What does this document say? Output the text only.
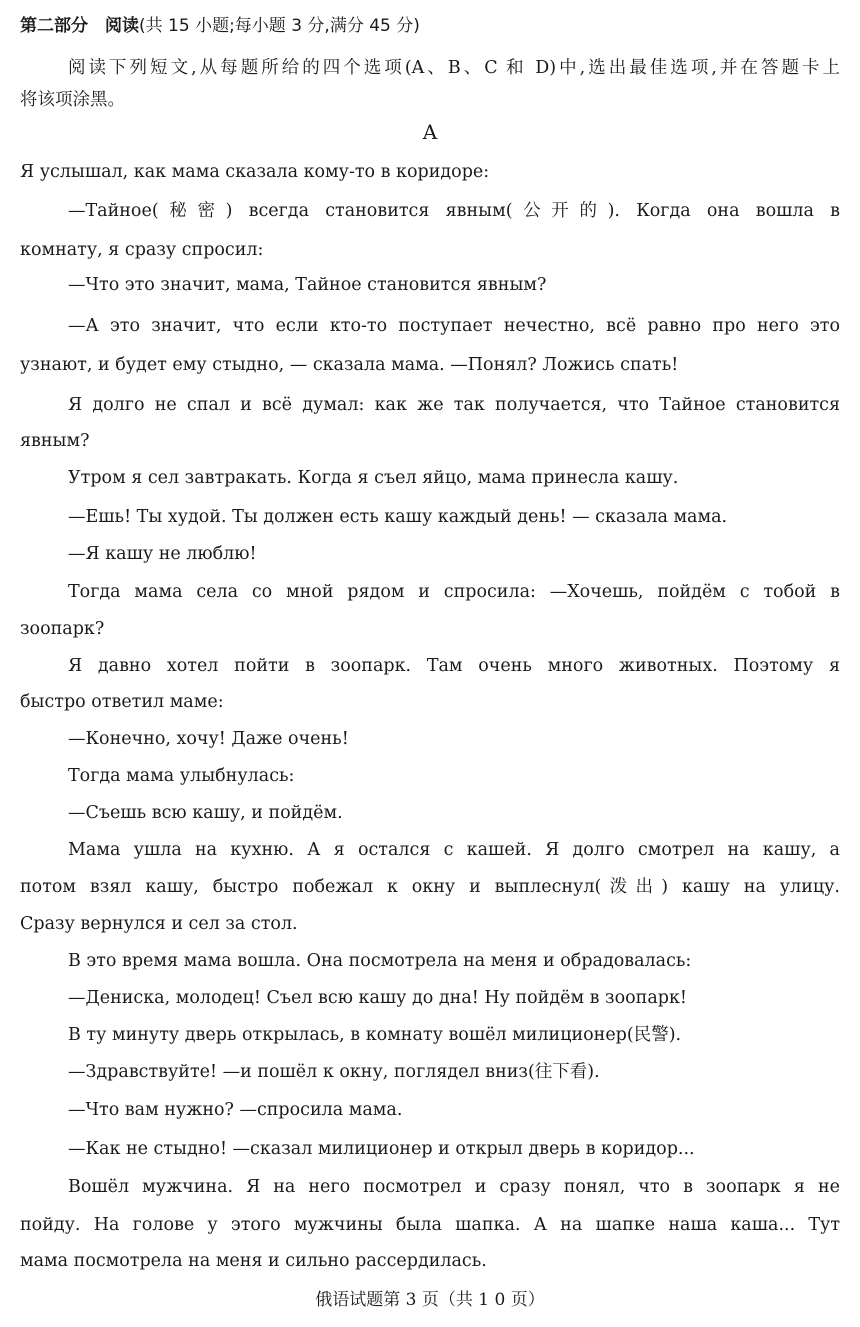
第二部分　阅读(共 15 小题;每小题 3 分,满分 45 分)
阅读下列短文,从每题所给的四个选项(A、B、C 和 D)中,选出最佳选项,并在答题卡上
将该项涂黑。
A
Я услышал, как мама сказала кому-то в коридоре:
—Тайное(秘密) всегда становится явным(公开的). Когда она вошла в
комнату, я сразу спросил:
—Что это значит, мама, Тайное становится явным?
—А это значит, что если кто-то поступает нечестно, всё равно про него это
узнают, и будет ему стыдно, — сказала мама. —Понял? Ложись спать!
Я долго не спал и всё думал: как же так получается, что Тайное становится
явным?
Утром я сел завтракать. Когда я съел яйцо, мама принесла кашу.
—Ешь! Ты худой. Ты должен есть кашу каждый день! — сказала мама.
—Я кашу не люблю!
Тогда мама села со мной рядом и спросила: —Хочешь, пойдём с тобой в
зоопарк?
Я давно хотел пойти в зоопарк. Там очень много животных. Поэтому я
быстро ответил маме:
—Конечно, хочу! Даже очень!
Тогда мама улыбнулась:
—Съешь всю кашу, и пойдём.
Мама ушла на кухню. А я остался с кашей. Я долго смотрел на кашу, а
потом взял кашу, быстро побежал к окну и выплеснул(泼出) кашу на улицу.
Сразу вернулся и сел за стол.
В это время мама вошла. Она посмотрела на меня и обрадовалась:
—Дениска, молодец! Съел всю кашу до дна! Ну пойдём в зоопарк!
В ту минуту дверь открылась, в комнату вошёл милиционер(民警).
—Здравствуйте! —и пошёл к окну, поглядел вниз(往下看).
—Что вам нужно? —спросила мама.
—Как не стыдно! —сказал милиционер и открыл дверь в коридор...
Вошёл мужчина. Я на него посмотрел и сразу понял, что в зоопарк я не
пойду. На голове у этого мужчины была шапка. А на шапке наша каша... Тут
мама посмотрела на меня и сильно рассердилась.
俄语试题第 3 页（共 1 0 页）
